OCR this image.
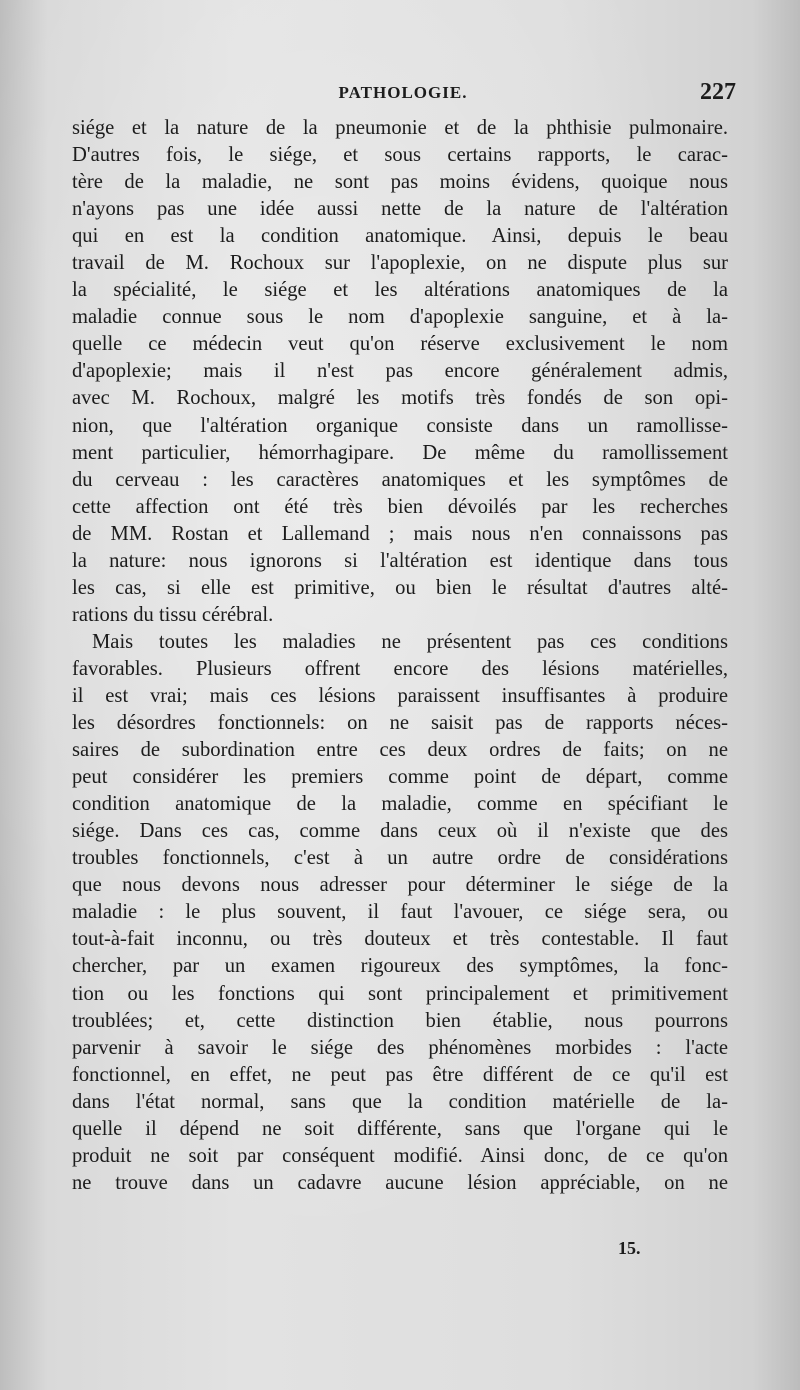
PATHOLOGIE.	227
siége et la nature de la pneumonie et de la phthisie pulmonaire.
D'autres fois, le siége, et sous certains rapports, le carac-
tère de la maladie, ne sont pas moins évidens, quoique nous
n'ayons pas une idée aussi nette de la nature de l'altération
qui en est la condition anatomique. Ainsi, depuis le beau
travail de M. Rochoux sur l'apoplexie, on ne dispute plus sur
la spécialité, le siége et les altérations anatomiques de la
maladie connue sous le nom d'apoplexie sanguine, et à la-
quelle ce médecin veut qu'on réserve exclusivement le nom
d'apoplexie; mais il n'est pas encore généralement admis,
avec M. Rochoux, malgré les motifs très fondés de son opi-
nion, que l'altération organique consiste dans un ramollisse-
ment particulier, hémorrhagipare. De même du ramollissement
du cerveau : les caractères anatomiques et les symptômes de
cette affection ont été très bien dévoilés par les recherches
de MM. Rostan et Lallemand ; mais nous n'en connaissons pas
la nature: nous ignorons si l'altération est identique dans tous
les cas, si elle est primitive, ou bien le résultat d'autres alté-
rations du tissu cérébral.
Mais toutes les maladies ne présentent pas ces conditions
favorables. Plusieurs offrent encore des lésions matérielles,
il est vrai; mais ces lésions paraissent insuffisantes à produire
les désordres fonctionnels: on ne saisit pas de rapports néces-
saires de subordination entre ces deux ordres de faits; on ne
peut considérer les premiers comme point de départ, comme
condition anatomique de la maladie, comme en spécifiant le
siége. Dans ces cas, comme dans ceux où il n'existe que des
troubles fonctionnels, c'est à un autre ordre de considérations
que nous devons nous adresser pour déterminer le siége de la
maladie : le plus souvent, il faut l'avouer, ce siége sera, ou
tout-à-fait inconnu, ou très douteux et très contestable. Il faut
chercher, par un examen rigoureux des symptômes, la fonc-
tion ou les fonctions qui sont principalement et primitivement
troublées; et, cette distinction bien établie, nous pourrons
parvenir à savoir le siége des phénomènes morbides : l'acte
fonctionnel, en effet, ne peut pas être différent de ce qu'il est
dans l'état normal, sans que la condition matérielle de la-
quelle il dépend ne soit différente, sans que l'organe qui le
produit ne soit par conséquent modifié. Ainsi donc, de ce qu'on
ne trouve dans un cadavre aucune lésion appréciable, on ne
15.
